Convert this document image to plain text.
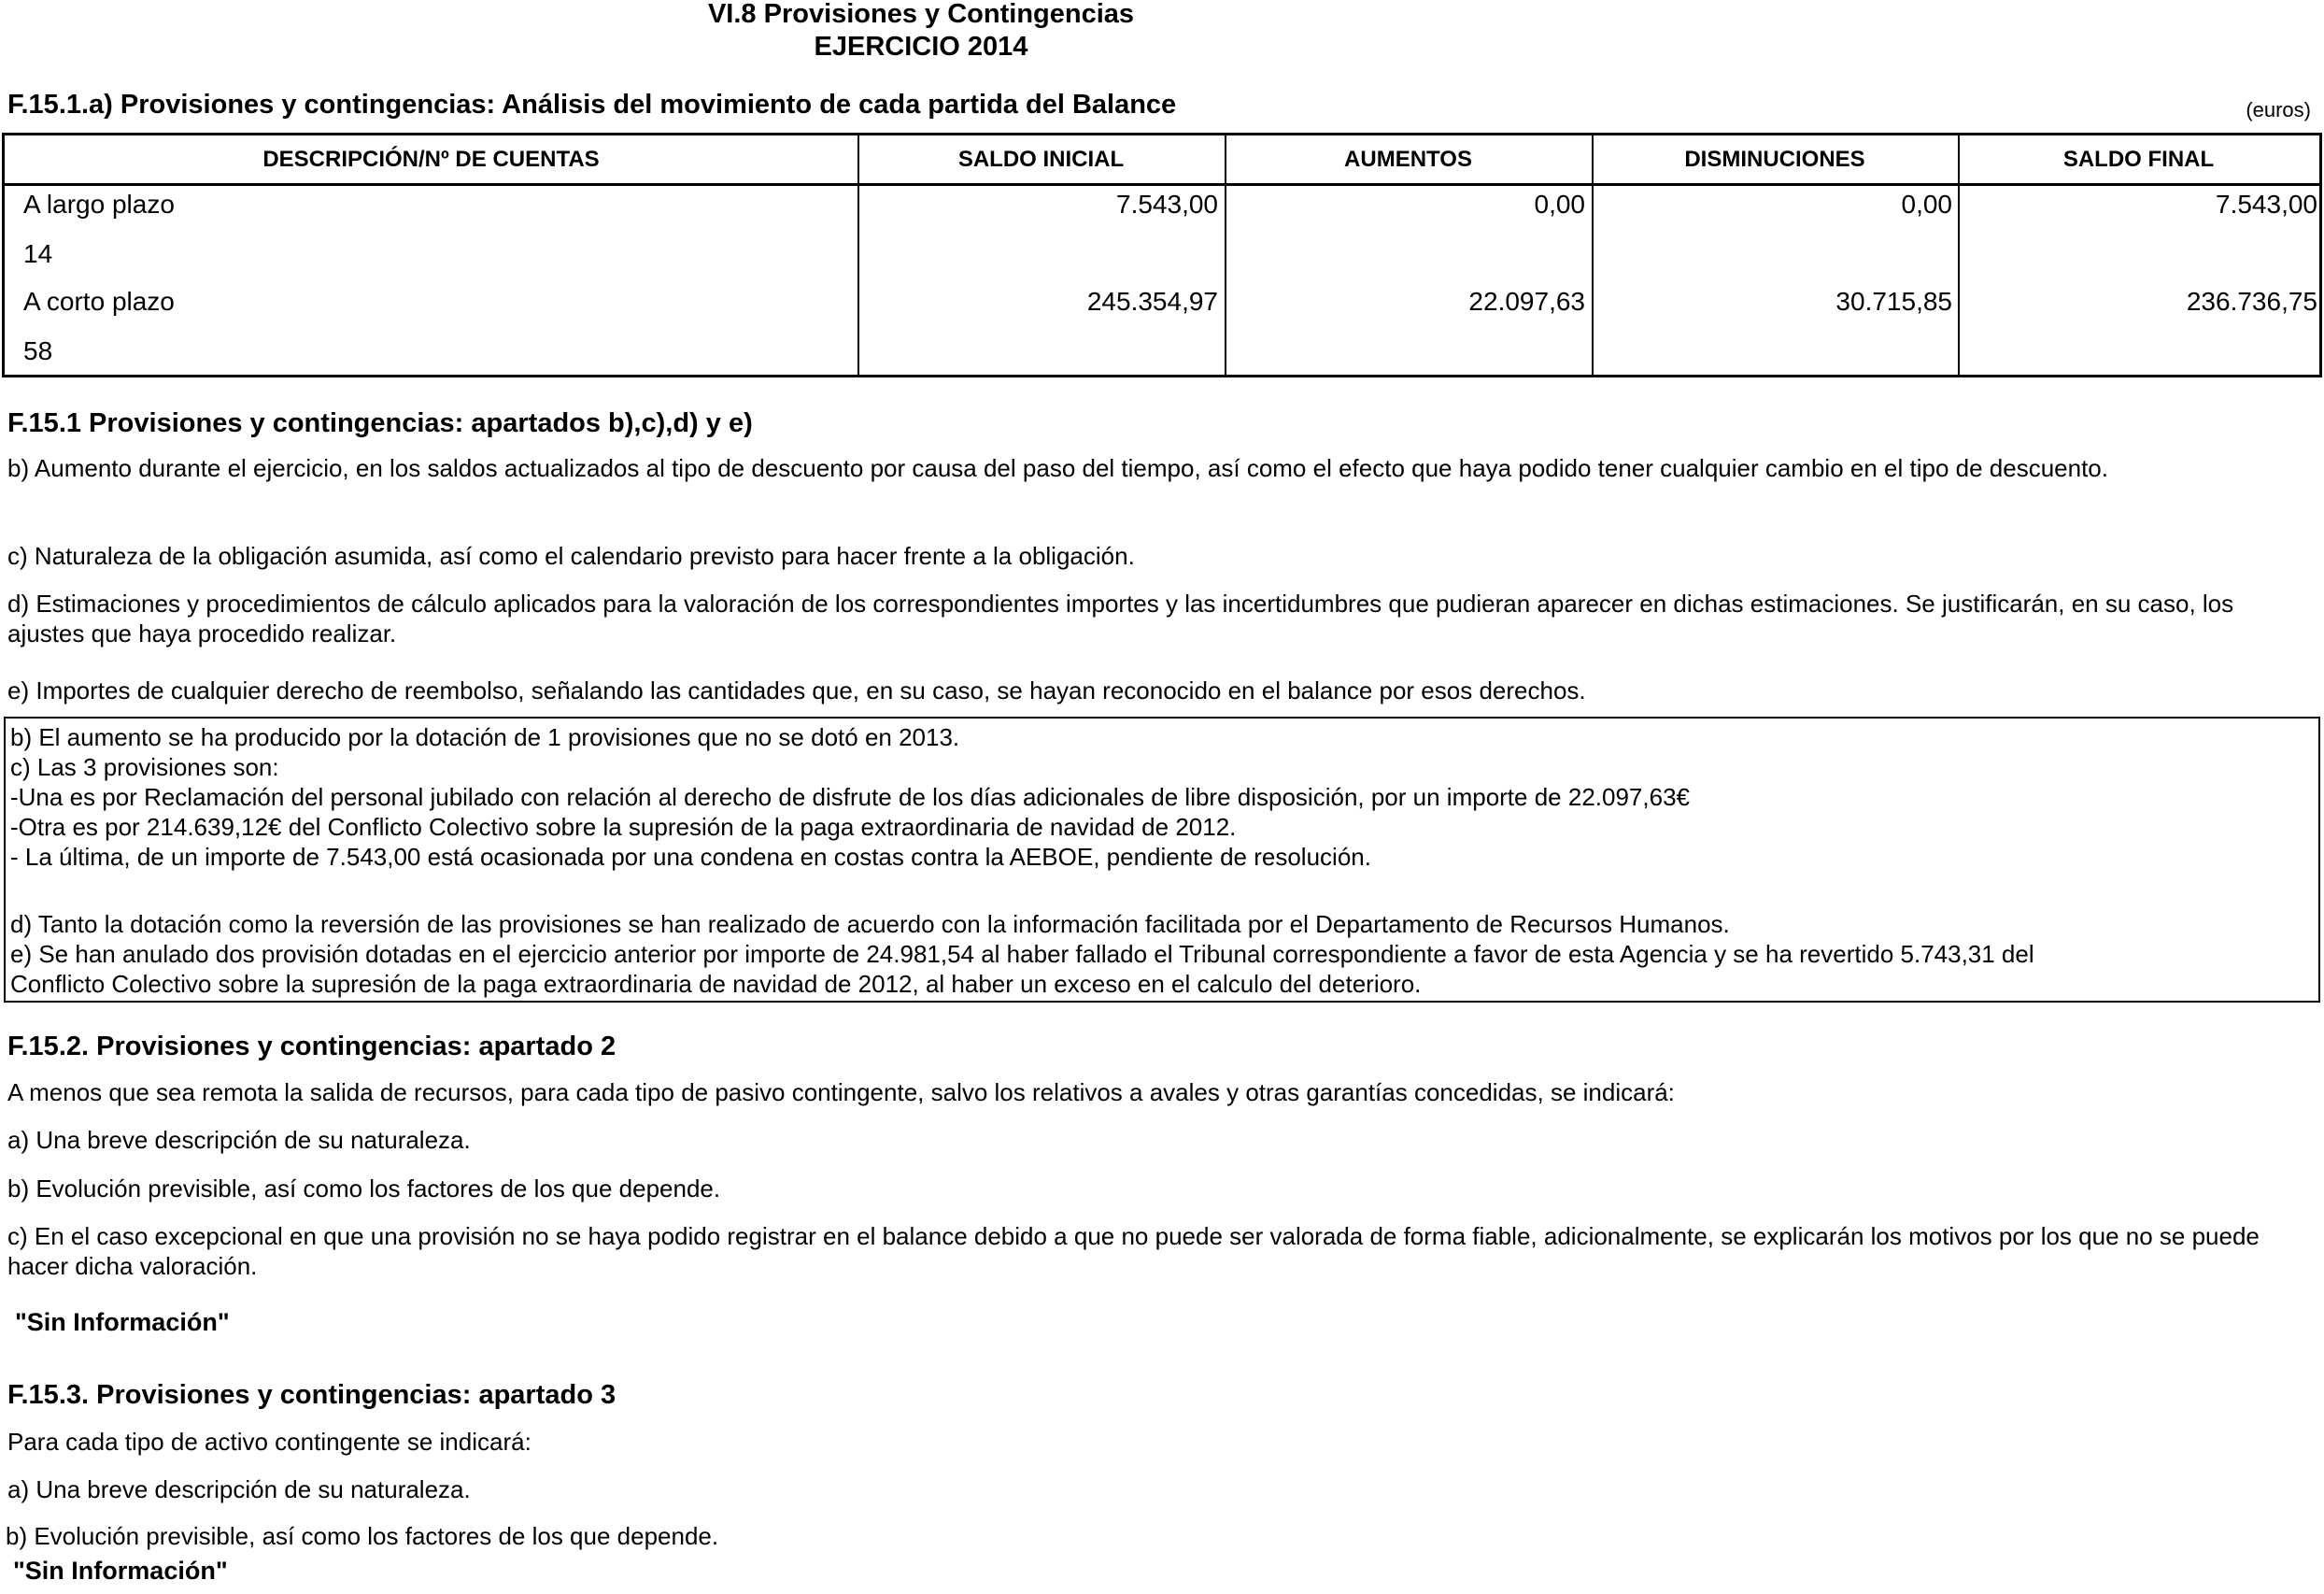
VI.8 Provisiones y Contingencias
EJERCICIO 2014
F.15.1.a) Provisiones y contingencias: Análisis del movimiento de cada partida del Balance	(euros)
DESCRIPCIÓN/Nº DE CUENTAS	SALDO INICIAL	AUMENTOS	DISMINUCIONES	SALDO FINAL
A largo plazo
14
7.543,00	0,00	0,00	7.543,00
A corto plazo
58
245.354,97	22.097,63	30.715,85	236.736,75
F.15.1 Provisiones y contingencias: apartados b),c),d) y e)
b) Aumento durante el ejercicio, en los saldos actualizados al tipo de descuento por causa del paso del tiempo, así como el efecto que haya podido tener cualquier cambio en el tipo de descuento.
c) Naturaleza de la obligación asumida, así como el calendario previsto para hacer frente a la obligación.
d) Estimaciones y procedimientos de cálculo aplicados para la valoración de los correspondientes importes y las incertidumbres que pudieran aparecer en dichas estimaciones. Se justificarán, en su caso, los ajustes que haya procedido realizar.
e) Importes de cualquier derecho de reembolso, señalando las cantidades que, en su caso, se hayan reconocido en el balance por esos derechos.
b) El aumento se ha producido por la dotación de 1 provisiones que no se dotó en 2013.
c) Las 3 provisiones son:
-Una es por Reclamación del personal jubilado con relación al derecho de disfrute de los días adicionales de libre disposición, por un importe de 22.097,63€
-Otra es por 214.639,12€ del Conflicto Colectivo sobre la supresión de la paga extraordinaria de navidad de 2012.
- La última, de un importe de 7.543,00 está ocasionada por una condena en costas contra la AEBOE, pendiente de resolución.
d) Tanto la dotación como la reversión de las provisiones se han realizado de acuerdo con la información facilitada por el Departamento de Recursos Humanos.
e) Se han anulado dos provisión dotadas en el ejercicio anterior por importe de 24.981,54 al haber fallado el Tribunal correspondiente a favor de esta Agencia y se ha revertido 5.743,31 del
Conflicto Colectivo sobre la supresión de la paga extraordinaria de navidad de 2012, al haber un exceso en el calculo del deterioro.
F.15.2. Provisiones y contingencias: apartado 2
A menos que sea remota la salida de recursos, para cada tipo de pasivo contingente, salvo los relativos a avales y otras garantías concedidas, se indicará:
a) Una breve descripción de su naturaleza.
b) Evolución previsible, así como los factores de los que depende.
c) En el caso excepcional en que una provisión no se haya podido registrar en el balance debido a que no puede ser valorada de forma fiable, adicionalmente, se explicarán los motivos por los que no se puede hacer dicha valoración.
"Sin Información"
F.15.3. Provisiones y contingencias: apartado 3
Para cada tipo de activo contingente se indicará:
a) Una breve descripción de su naturaleza.
b) Evolución previsible, así como los factores de los que depende.
"Sin Información"
